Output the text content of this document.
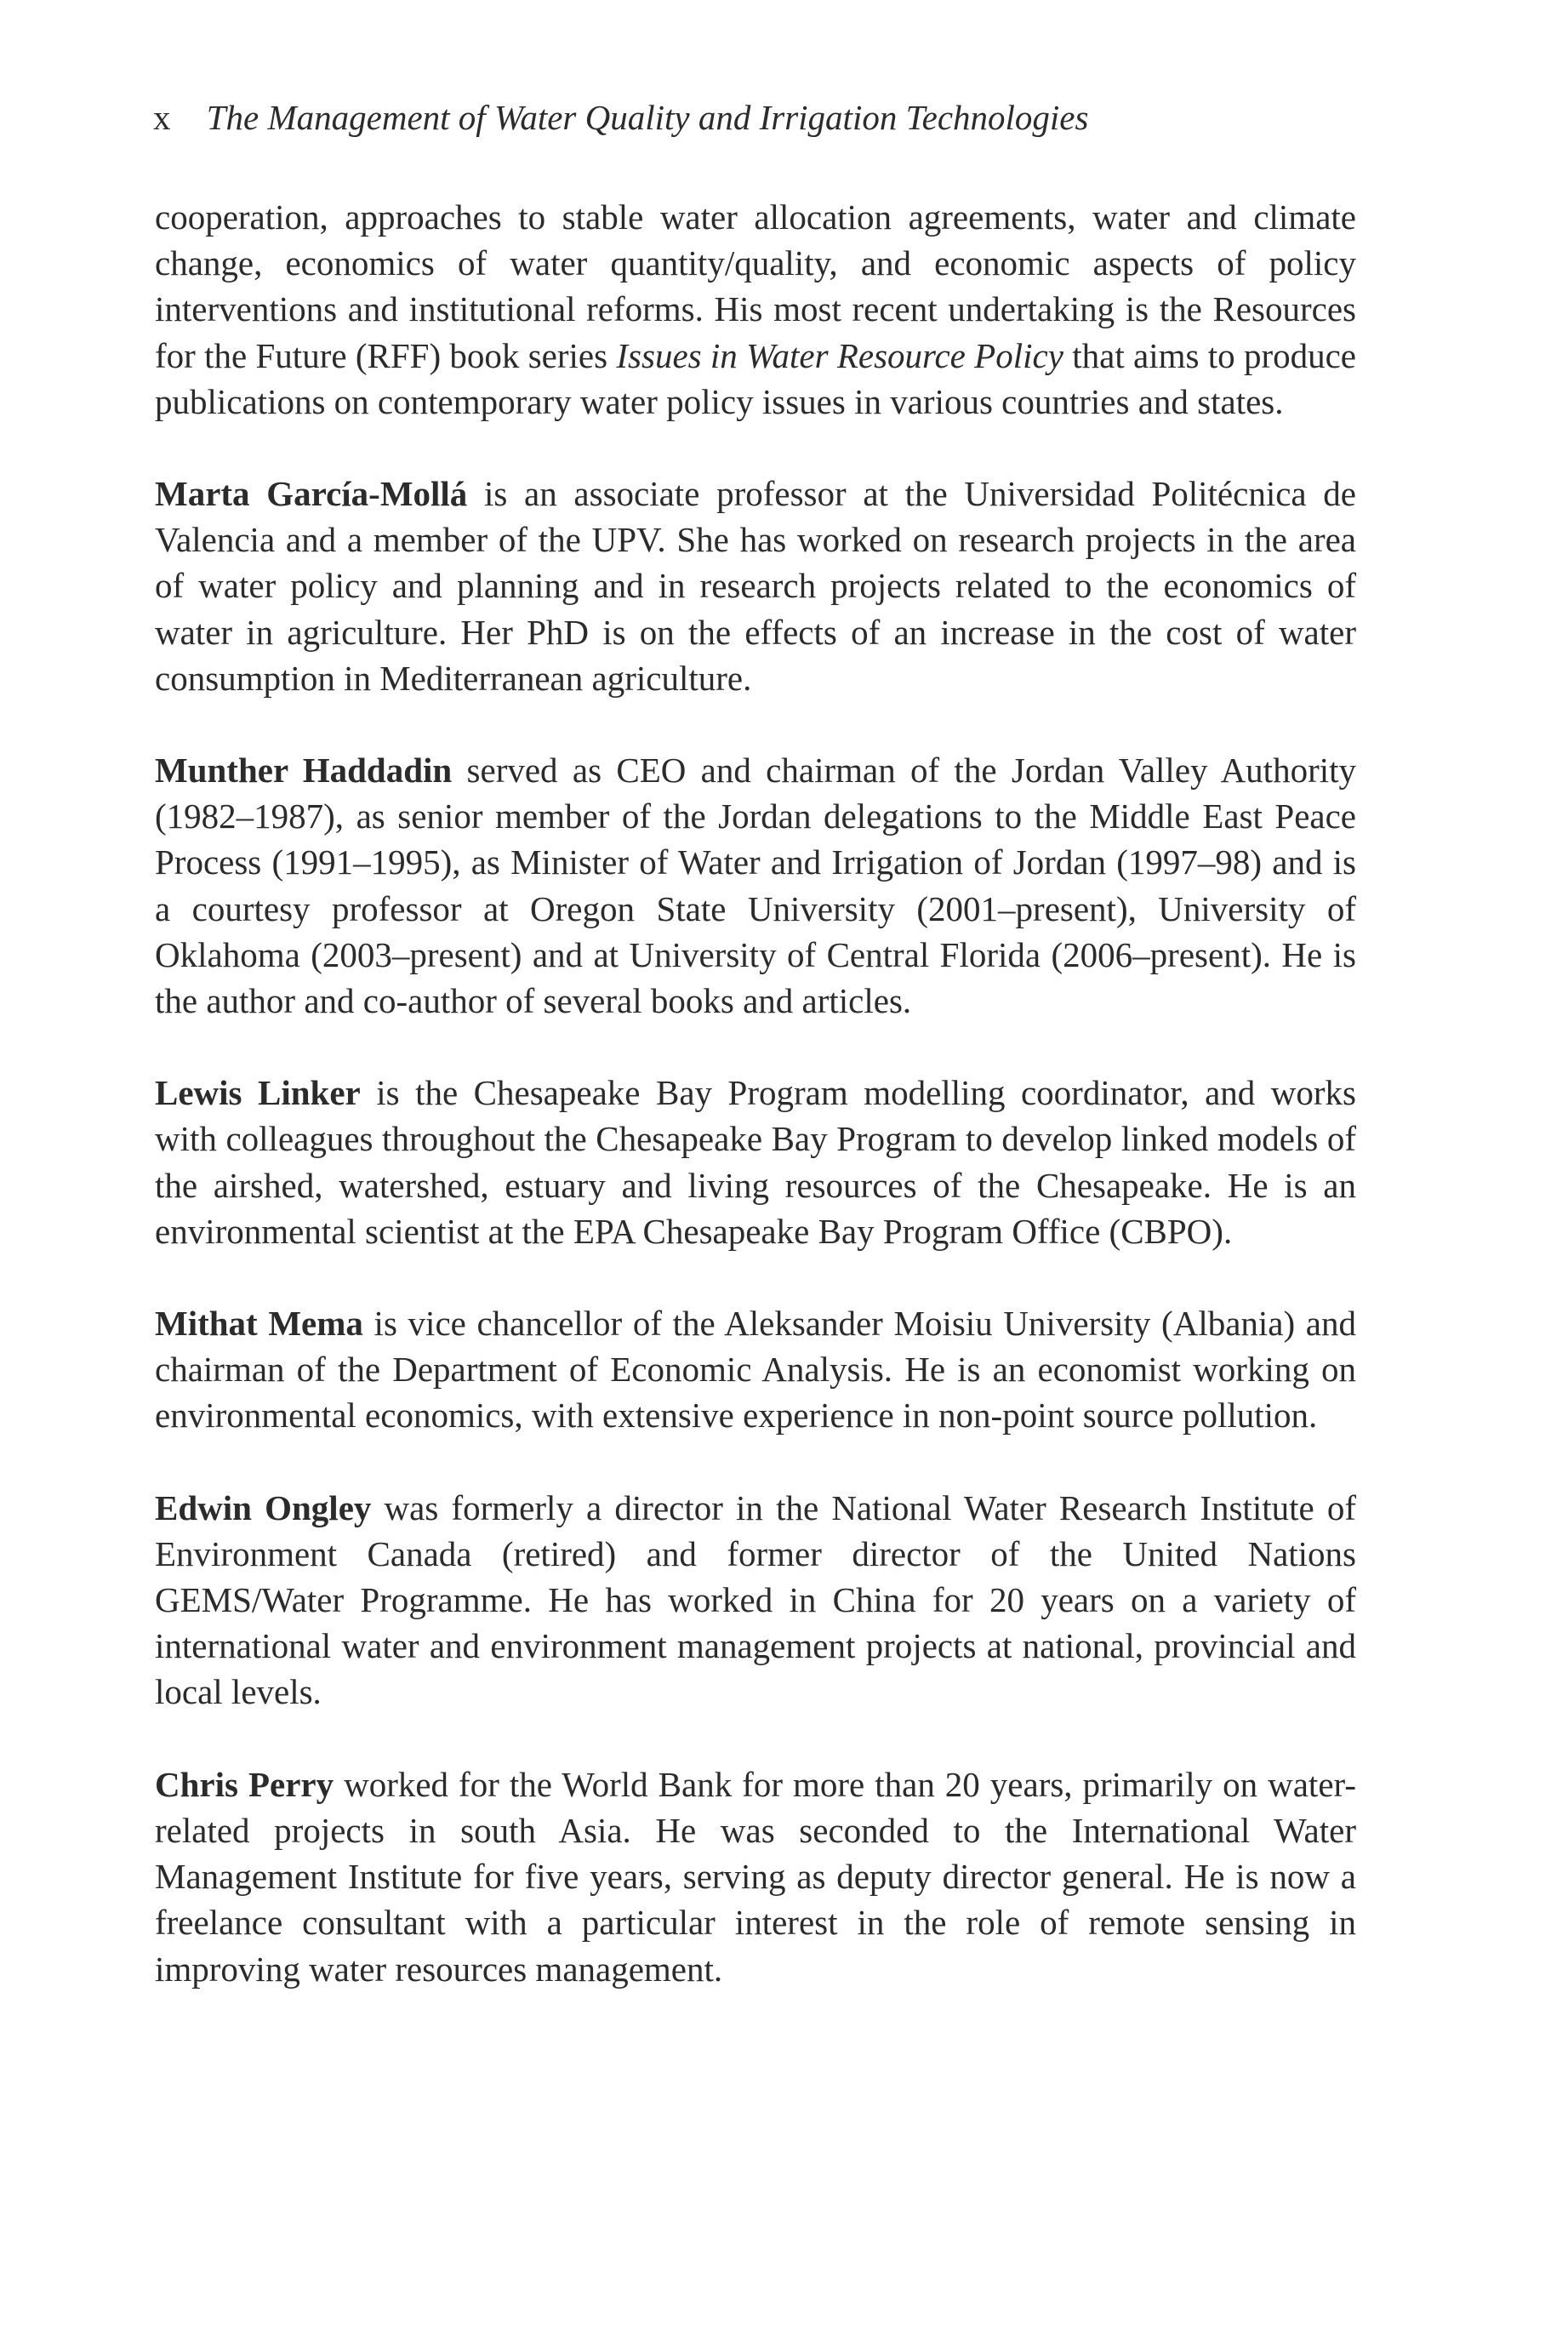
x The Management of Water Quality and Irrigation Technologies

cooperation, approaches to stable water allocation agreements, water and climate change, economics of water quantity/quality, and economic aspects of policy interventions and institutional reforms. His most recent undertaking is the Resources for the Future (RFF) book series Issues in Water Resource Policy that aims to produce publications on contemporary water policy issues in various countries and states.

Marta García-Mollá is an associate professor at the Universidad Politécnica de Valencia and a member of the UPV. She has worked on research projects in the area of water policy and planning and in research projects related to the economics of water in agriculture. Her PhD is on the effects of an increase in the cost of water consumption in Mediterranean agriculture.

Munther Haddadin served as CEO and chairman of the Jordan Valley Authority (1982–1987), as senior member of the Jordan delegations to the Middle East Peace Process (1991–1995), as Minister of Water and Irrigation of Jordan (1997–98) and is a courtesy professor at Oregon State University (2001–present), University of Oklahoma (2003–present) and at University of Central Florida (2006–present). He is the author and co-author of several books and articles.

Lewis Linker is the Chesapeake Bay Program modelling coordinator, and works with colleagues throughout the Chesapeake Bay Program to develop linked models of the airshed, watershed, estuary and living resources of the Chesapeake. He is an environmental scientist at the EPA Chesapeake Bay Program Office (CBPO).

Mithat Mema is vice chancellor of the Aleksander Moisiu University (Albania) and chairman of the Department of Economic Analysis. He is an economist working on environmental economics, with extensive experience in non-point source pollution.

Edwin Ongley was formerly a director in the National Water Research Institute of Environment Canada (retired) and former director of the United Nations GEMS/Water Programme. He has worked in China for 20 years on a variety of international water and environment management projects at national, provincial and local levels.

Chris Perry worked for the World Bank for more than 20 years, primarily on water-related projects in south Asia. He was seconded to the International Water Management Institute for five years, serving as deputy director general. He is now a freelance consultant with a particular interest in the role of remote sensing in improving water resources management.
